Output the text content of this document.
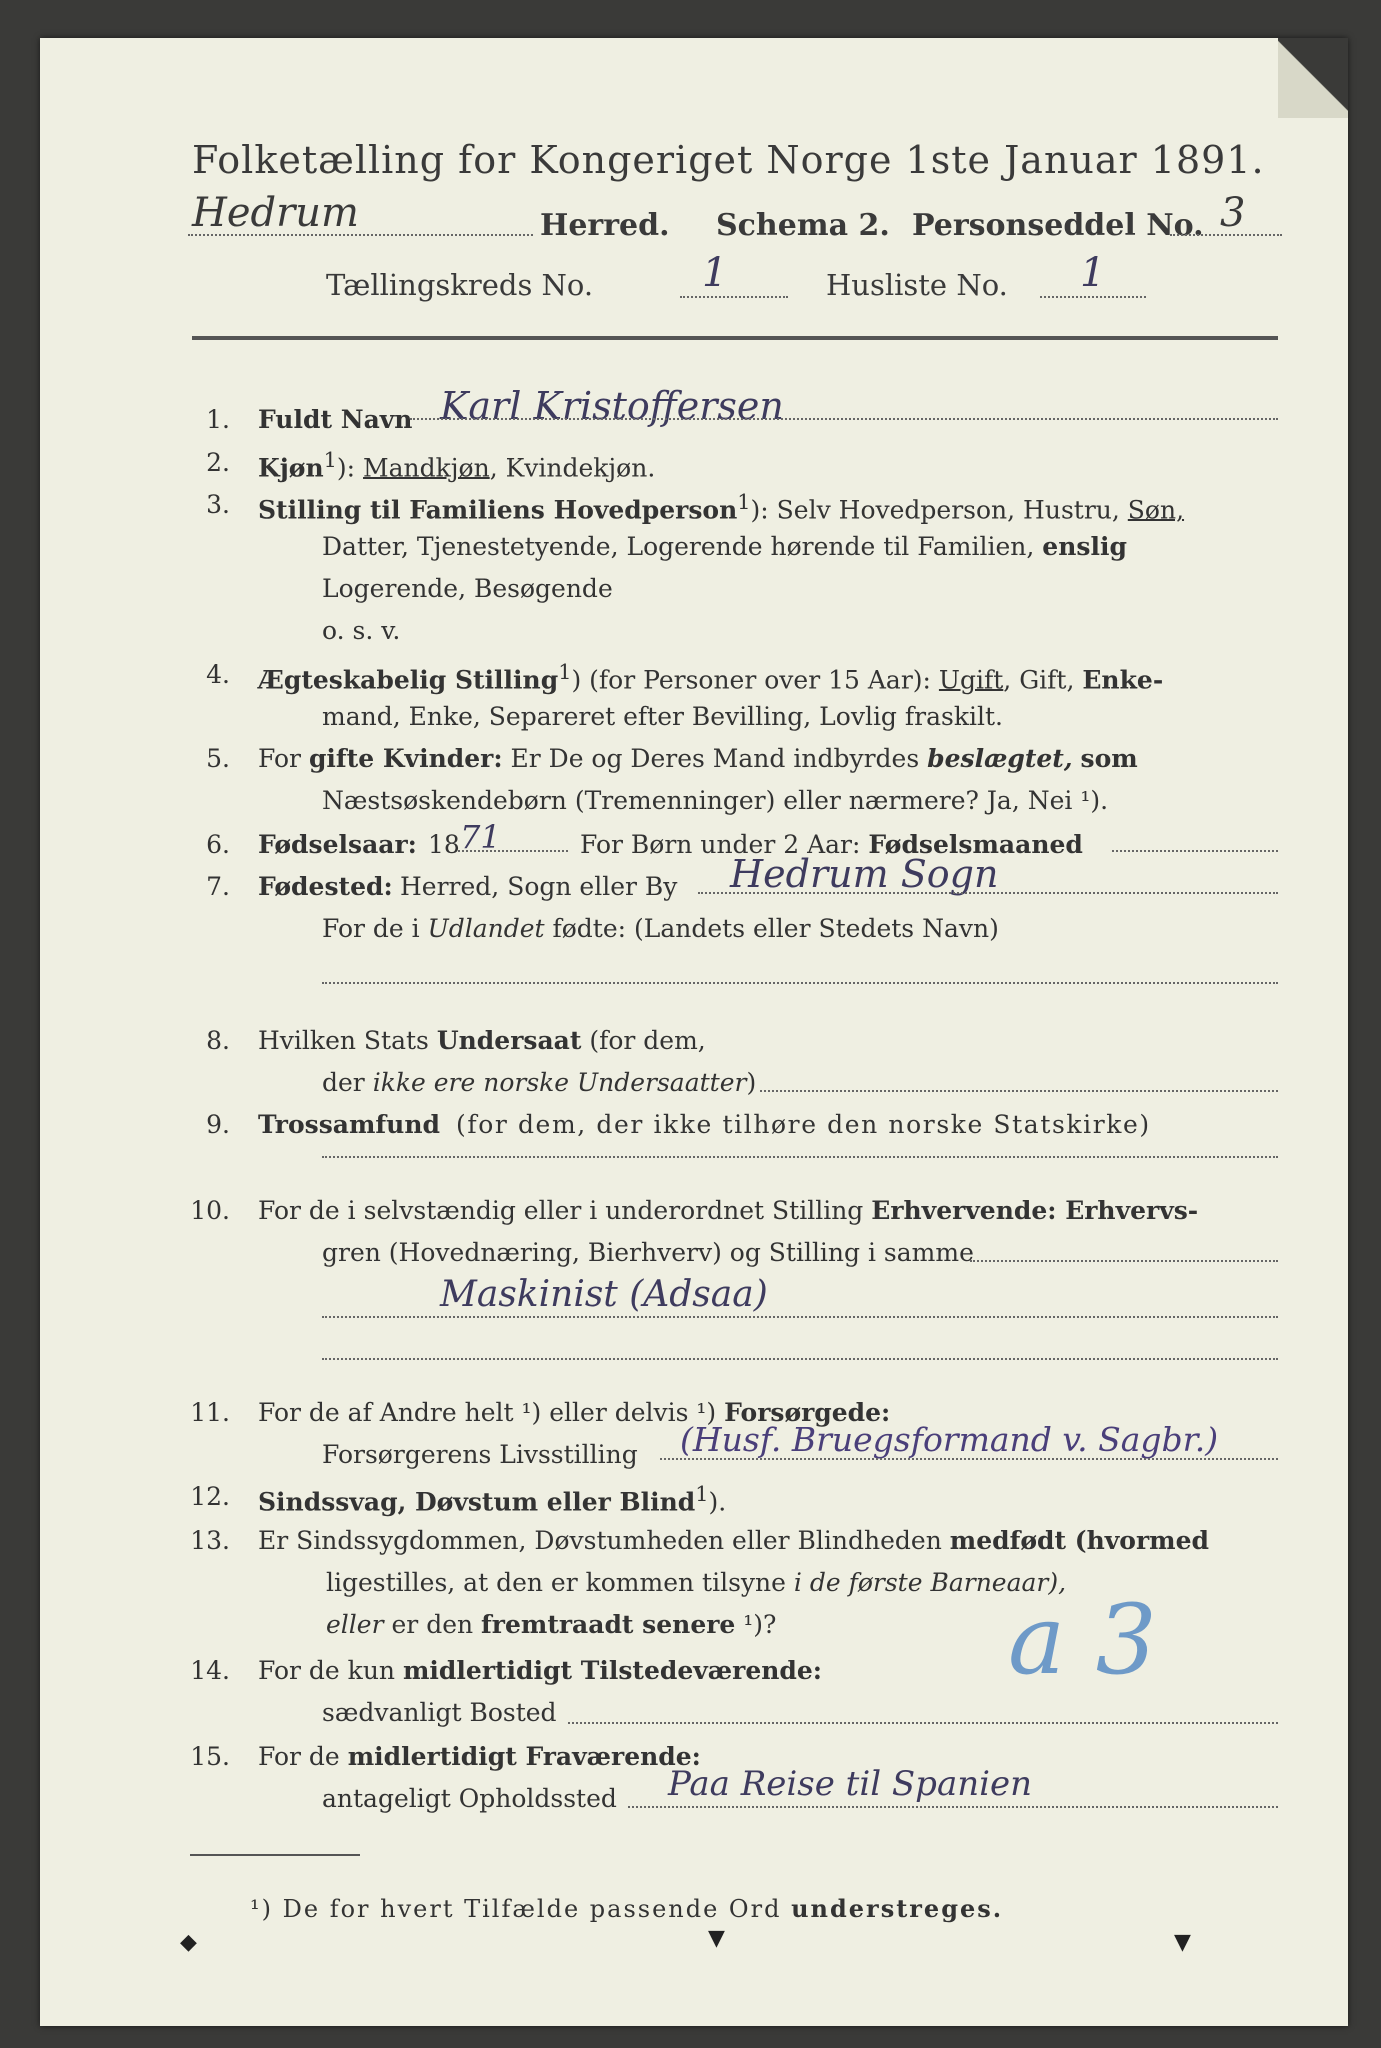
Folketælling for Kongeriget Norge 1ste Januar 1891.
Hedrum	Herred. Schema 2. Personseddel No. 3
Tællingskreds No.	1	Husliste No. 1
1. Fuldt Navn Karl Kristoffersen
2. Kjøn$^1$): Mandkjøn, Kvindekjøn.
3. Stilling til Familiens Hovedperson$^1$): Selv Hovedperson, Hustru, Søn,
Datter, Tjenestetyende, Logerende hørende til Familien, enslig
Logerende, Besøgende
o. s. v.
4. Ægteskabelig Stilling$^1$) (for Personer over 15 Aar): Ugift, Gift, Enke-
mand, Enke, Separeret efter Bevilling, Lovlig fraskilt.
5. For gifte Kvinder: Er De og Deres Mand indbyrdes beslægtet, som
Næstsøskendebørn (Tremenninger) eller nærmere? Ja, Nei ¹).
6. Fødselsaar: 18 71	For Børn under 2 Aar: Fødselsmaaned
7. Fødested: Herred, Sogn eller By Hedrum Sogn
For de i Udlandet fødte: (Landets eller Stedets Navn)
8. Hvilken Stats Undersaat (for dem,
der ikke ere norske Undersaatter)
9. Trossamfund (for dem, der ikke tilhøre den norske Statskirke)
10. For de i selvstændig eller i underordnet Stilling Erhvervende: Erhvervs-
gren (Hovednæring, Bierhverv) og Stilling i samme
Maskinist (Adsaa)
11. For de af Andre helt ¹) eller delvis ¹) Forsørgede:
Forsørgerens Livsstilling (Husf. Bruegsformand v. Sagbr.)
12. Sindssvag, Døvstum eller Blind$^1$).
13. Er Sindssygdommen, Døvstumheden eller Blindheden medfødt (hvormed
ligestilles, at den er kommen tilsyne i de første Barneaar),
eller er den fremtraadt senere ¹)?
14. For de kun midlertidigt Tilstedeværende:
sædvanligt Bosted
a 3
15. For de midlertidigt Fraværende:
antageligt Opholdssted Paa Reise til Spanien
¹) De for hvert Tilfælde passende Ord understreges.
◆	▼	▼
